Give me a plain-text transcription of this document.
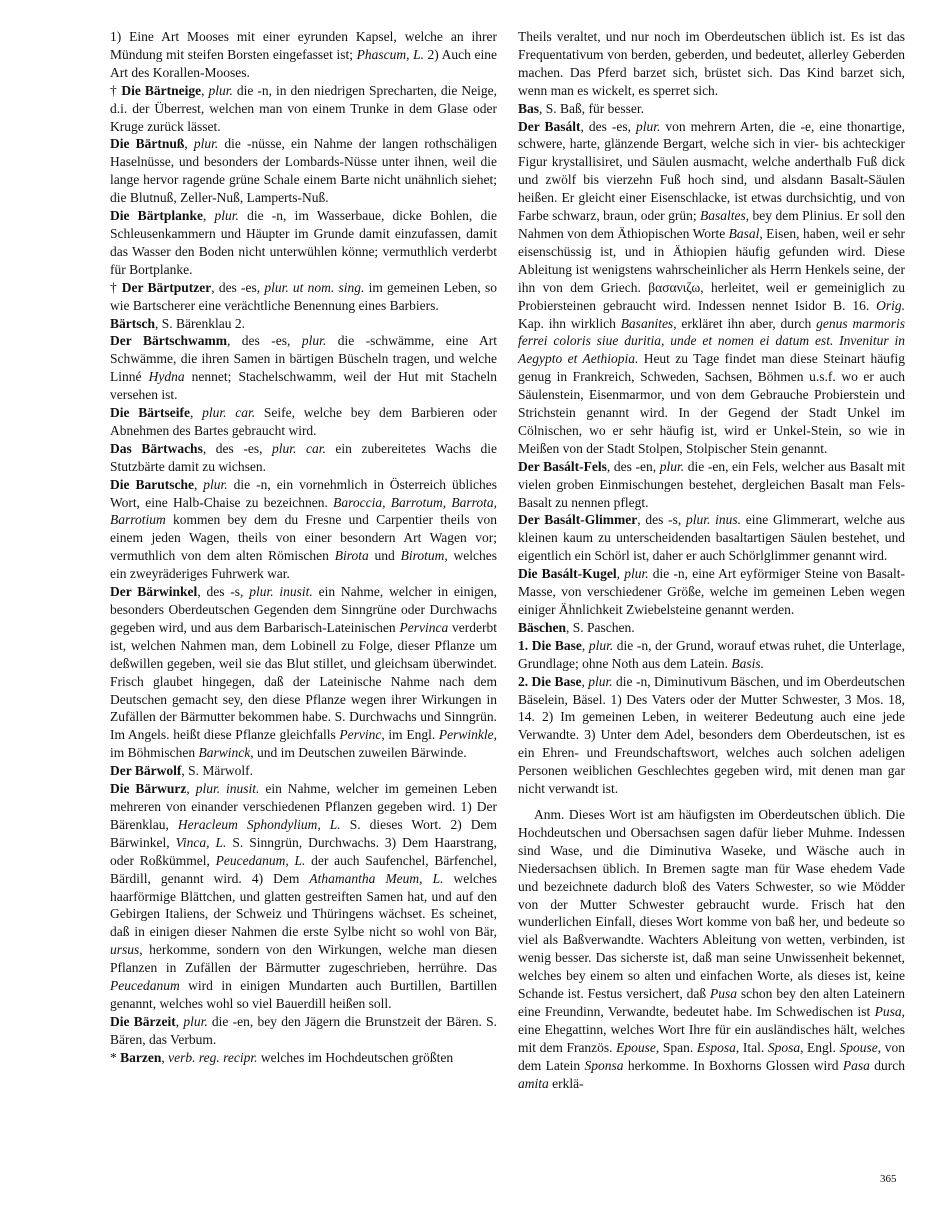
1) Eine Art Mooses mit einer eyrunden Kapsel, welche an ihrer Mündung mit steifen Borsten eingefasset ist; Phascum, L. 2) Auch eine Art des Korallen-Mooses.

† Die Bärtneige, plur. die -n, in den niedrigen Sprecharten, die Neige, d.i. der Überrest, welchen man von einem Trunke in dem Glase oder Kruge zurück lässet.

Die Bärtnuß, plur. die -nüsse, ein Nahme der langen rothschäligen Haselnüsse, und besonders der Lombards-Nüsse unter ihnen, weil die lange hervor ragende grüne Schale einem Barte nicht unähnlich siehet; die Blutnuß, Zeller-Nuß, Lamperts-Nuß.

Die Bärtplanke, plur. die -n, im Wasserbaue, dicke Bohlen, die Schleusenkammern und Häupter im Grunde damit einzufassen, damit das Wasser den Boden nicht unterwühlen könne; vermuthlich verderbt für Bortplanke.

† Der Bärtputzer, des -es, plur. ut nom. sing. im gemeinen Leben, so wie Bartscherer eine verächtliche Benennung eines Barbiers.

Bärtsch, S. Bärenklau 2.

Der Bärtschwamm, des -es, plur. die -schwämme, eine Art Schwämme, die ihren Samen in bärtigen Büscheln tragen, und welche Linné Hydna nennet; Stachelschwamm, weil der Hut mit Stacheln versehen ist.

Die Bärtseife, plur. car. Seife, welche bey dem Barbieren oder Abnehmen des Bartes gebraucht wird.

Das Bärtwachs, des -es, plur. car. ein zubereitetes Wachs die Stutzbärte damit zu wichsen.

Die Barutsche, plur. die -n, ein vornehmlich in Österreich übliches Wort, eine Halb-Chaise zu bezeichnen. Baroccia, Barrotum, Barrota, Barrotium kommen bey dem du Fresne und Carpentier theils von einem jeden Wagen, theils von einer besondern Art Wagen vor; vermuthlich von dem alten Römischen Birota und Birotum, welches ein zweyräderiges Fuhrwerk war.

Der Bärwinkel, des -s, plur. inusit. ein Nahme, welcher in einigen, besonders Oberdeutschen Gegenden dem Sinngrüne oder Durchwachs gegeben wird, und aus dem Barbarisch-Lateinischen Pervinca verderbt ist, welchen Nahmen man, dem Lobinell zu Folge, dieser Pflanze um deßwillen gegeben, weil sie das Blut stillet, und gleichsam überwindet. Frisch glaubet hingegen, daß der Lateinische Nahme nach dem Deutschen gemacht sey, den diese Pflanze wegen ihrer Wirkungen in Zufällen der Bärmutter bekommen habe. S. Durchwachs und Sinngrün. Im Angels. heißt diese Pflanze gleichfalls Pervinc, im Engl. Perwinkle, im Böhmischen Barwinck, und im Deutschen zuweilen Bärwinde.

Der Bärwolf, S. Märwolf.

Die Bärwurz, plur. inusit. ein Nahme, welcher im gemeinen Leben mehreren von einander verschiedenen Pflanzen gegeben wird. 1) Der Bärenklau, Heracleum Sphondylium, L. S. dieses Wort. 2) Dem Bärwinkel, Vinca, L. S. Sinngrün, Durchwachs. 3) Dem Haarstrang, oder Roßkümmel, Peucedanum, L. der auch Saufenchel, Bärfenchel, Bärdill, genannt wird. 4) Dem Athamantha Meum, L. welches haarförmige Blättchen, und glatten gestreiften Samen hat, und auf den Gebirgen Italiens, der Schweiz und Thüringens wächset. Es scheinet, daß in einigen dieser Nahmen die erste Sylbe nicht so wohl von Bär, ursus, herkomme, sondern von den Wirkungen, welche man diesen Pflanzen in Zufällen der Bärmutter zugeschrieben, herrühre. Das Peucedanum wird in einigen Mundarten auch Burtillen, Bartillen genannt, welches wohl so viel Bauerdill heißen soll.

Die Bärzeit, plur. die -en, bey den Jägern die Brunstzeit der Bären. S. Bären, das Verbum.

* Barzen, verb. reg. recipr. welches im Hochdeutschen größten

Theils veraltet, und nur noch im Oberdeutschen üblich ist. Es ist das Frequentativum von berden, geberden, und bedeutet, allerley Geberden machen. Das Pferd barzet sich, brüstet sich. Das Kind barzet sich, wenn man es wickelt, es sperret sich.

Bas, S. Baß, für besser.

Der Basált, des -es, plur. von mehrern Arten, die -e, eine thonartige, schwere, harte, glänzende Bergart, welche sich in vier- bis achteckiger Figur krystallisiret, und Säulen ausmacht, welche anderthalb Fuß dick und zwölf bis vierzehn Fuß hoch sind, und alsdann Basalt-Säulen heißen. Er gleicht einer Eisenschlacke, ist etwas durchsichtig, und von Farbe schwarz, braun, oder grün; Basaltes, bey dem Plinius. Er soll den Nahmen von dem Äthiopischen Worte Basal, Eisen, haben, weil er sehr eisenschüssig ist, und in Äthiopien häufig gefunden wird. Diese Ableitung ist wenigstens wahrscheinlicher als Herrn Henkels seine, der ihn von dem Griech. βασανιζω, herleitet, weil er gemeiniglich zu Probiersteinen gebraucht wird. Indessen nennet Isidor B. 16. Orig. Kap. ihn wirklich Basanites, erkläret ihn aber, durch genus marmoris ferrei coloris siue duritia, unde et nomen ei datum est. Invenitur in Aegypto et Aethiopia. Heut zu Tage findet man diese Steinart häufig genug in Frankreich, Schweden, Sachsen, Böhmen u.s.f. wo er auch Säulenstein, Eisenmarmor, und von dem Gebrauche Probierstein und Strichstein genannt wird. In der Gegend der Stadt Unkel im Cölnischen, wo er sehr häufig ist, wird er Unkel-Stein, so wie in Meißen von der Stadt Stolpen, Stolpischer Stein genannt.

Der Basált-Fels, des -en, plur. die -en, ein Fels, welcher aus Basalt mit vielen groben Einmischungen bestehet, dergleichen Basalt man Fels-Basalt zu nennen pflegt.

Der Basált-Glimmer, des -s, plur. inus. eine Glimmerart, welche aus kleinen kaum zu unterscheidenden basaltartigen Säulen bestehet, und eigentlich ein Schörl ist, daher er auch Schörlglimmer genannt wird.

Die Basált-Kugel, plur. die -n, eine Art eyförmiger Steine von Basalt-Masse, von verschiedener Größe, welche im gemeinen Leben wegen einiger Ähnlichkeit Zwiebelsteine genannt werden.

Bäschen, S. Paschen.

1. Die Base, plur. die -n, der Grund, worauf etwas ruhet, die Unterlage, Grundlage; ohne Noth aus dem Latein. Basis.

2. Die Base, plur. die -n, Diminutivum Bäschen, und im Oberdeutschen Bäselein, Bäsel. 1) Des Vaters oder der Mutter Schwester, 3 Mos. 18, 14. 2) Im gemeinen Leben, in weiterer Bedeutung auch eine jede Verwandte. 3) Unter dem Adel, besonders dem Oberdeutschen, ist es ein Ehren- und Freundschaftswort, welches auch solchen adeligen Personen weiblichen Geschlechtes gegeben wird, mit denen man gar nicht verwandt ist.

Anm. Dieses Wort ist am häufigsten im Oberdeutschen üblich. Die Hochdeutschen und Obersachsen sagen dafür lieber Muhme. Indessen sind Wase, und die Diminutiva Waseke, und Wäsche auch in Niedersachsen üblich. In Bremen sagte man für Wase ehedem Vade und bezeichnete dadurch bloß des Vaters Schwester, so wie Mödder von der Mutter Schwester gebraucht wurde. Frisch hat den wunderlichen Einfall, dieses Wort komme von baß her, und bedeute so viel als Baßverwandte. Wachters Ableitung von wetten, verbinden, ist wenig besser. Das sicherste ist, daß man seine Unwissenheit bekennet, welches bey einem so alten und einfachen Worte, als dieses ist, keine Schande ist. Festus versichert, daß Pusa schon bey den alten Lateinern eine Freundinn, Verwandte, bedeutet habe. Im Schwedischen ist Pusa, eine Ehegattinn, welches Wort Ihre für ein ausländisches hält, welches mit dem Französ. Epouse, Span. Esposa, Ital. Sposa, Engl. Spouse, von dem Latein Sponsa herkomme. In Boxhorns Glossen wird Pasa durch amita erklä-

365
